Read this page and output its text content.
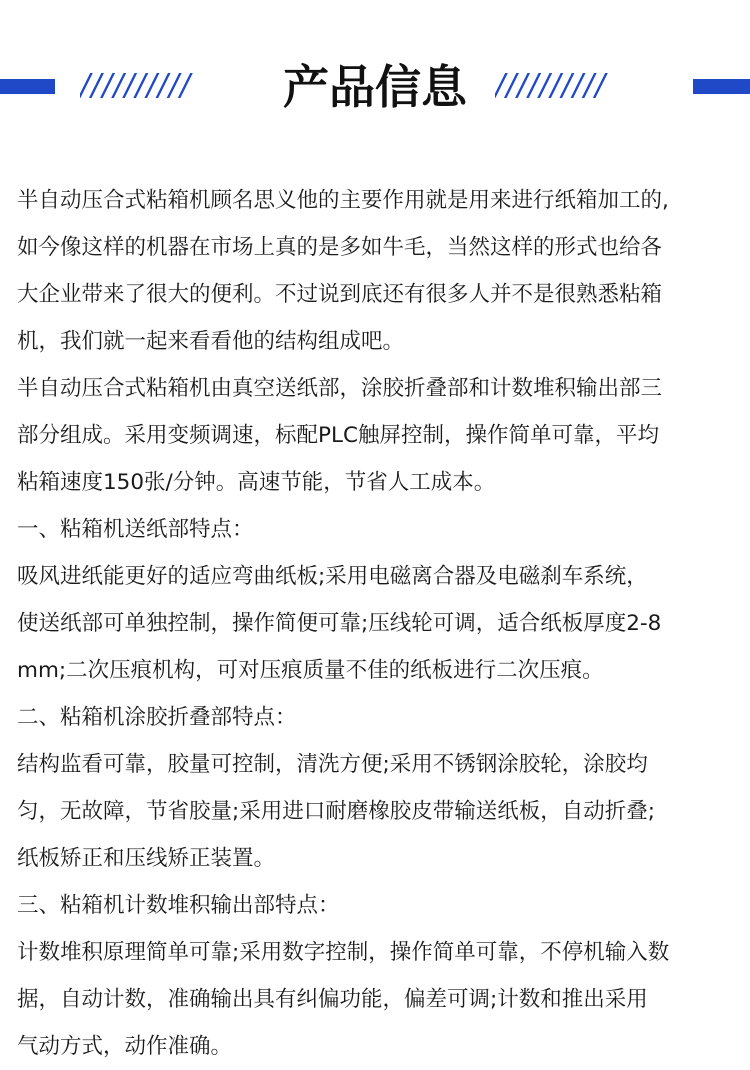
//////////	产品信息 //////////
半自动压合式粘箱机顾名思义他的主要作用就是用来进行纸箱加工的,
如今像这样的机器在市场上真的是多如牛毛，当然这样的形式也给各
大企业带来了很大的便利。不过说到底还有很多人并不是很熟悉粘箱
机，我们就一起来看看他的结构组成吧。
半自动压合式粘箱机由真空送纸部，涂胶折叠部和计数堆积输出部三
部分组成。采用变频调速，标配PLC触屏控制，操作简单可靠，平均
粘箱速度150张/分钟。高速节能，节省人工成本。
一、粘箱机送纸部特点：
吸风进纸能更好的适应弯曲纸板;采用电磁离合器及电磁刹车系统，
使送纸部可单独控制，操作简便可靠;压线轮可调，适合纸板厚度2-8
mm;二次压痕机构，可对压痕质量不佳的纸板进行二次压痕。
二、粘箱机涂胶折叠部特点：
结构监看可靠，胶量可控制，清洗方便;采用不锈钢涂胶轮，涂胶均
匀，无故障，节省胶量;采用进口耐磨橡胶皮带输送纸板，自动折叠;
纸板矫正和压线矫正装置。
三、粘箱机计数堆积输出部特点：
计数堆积原理简单可靠;采用数字控制，操作简单可靠，不停机输入数
据，自动计数，准确输出具有纠偏功能，偏差可调;计数和推出采用
气动方式，动作准确。
